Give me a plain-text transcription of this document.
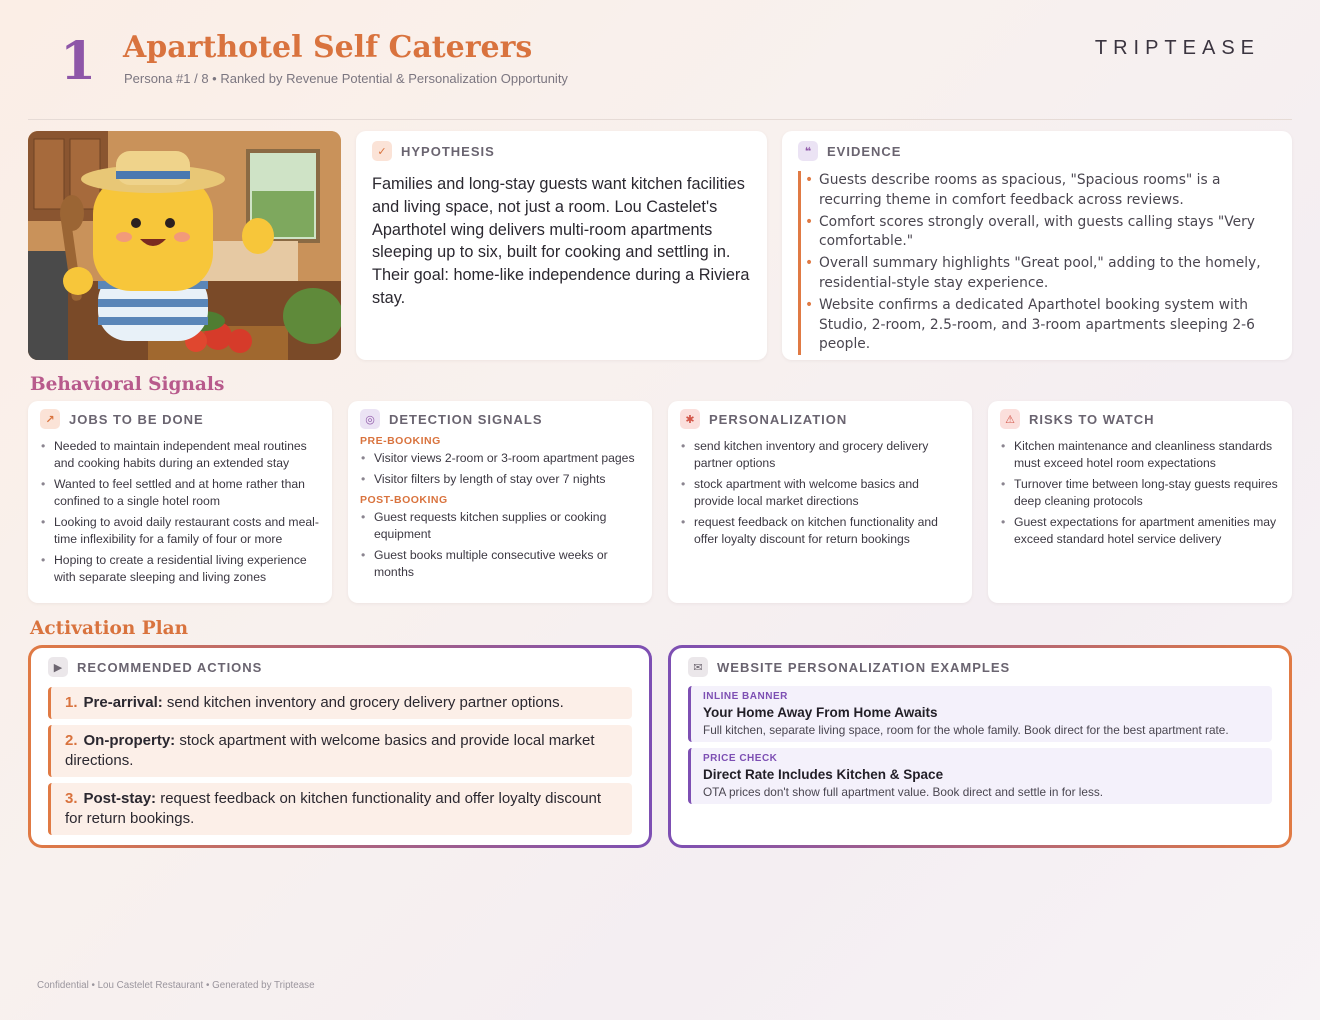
1 Aparthotel Self Caterers
Persona #1 / 8 • Ranked by Revenue Potential & Personalization Opportunity
TRIPTEASE
✓	HYPOTHESIS
Families and long-stay guests want kitchen facilities and living space, not just a room. Lou Castelet's Aparthotel wing delivers multi-room apartments sleeping up to six, built for cooking and settling in. Their goal: home-like independence during a Riviera stay.
❝	EVIDENCE
• Guests describe rooms as spacious, "Spacious rooms" is a recurring theme in comfort feedback across reviews.
• Comfort scores strongly overall, with guests calling stays "Very comfortable."
• Overall summary highlights "Great pool," adding to the homely, residential-style stay experience.
• Website confirms a dedicated Aparthotel booking system with Studio, 2-room, 2.5-room, and 3-room apartments sleeping 2-6 people.
Behavioral Signals
↗	JOBS TO BE DONE
• Needed to maintain independent meal routines and cooking habits during an extended stay
• Wanted to feel settled and at home rather than confined to a single hotel room
• Looking to avoid daily restaurant costs and meal-time inflexibility for a family of four or more
• Hoping to create a residential living experience with separate sleeping and living zones
◎	DETECTION SIGNALS
PRE-BOOKING
• Visitor views 2-room or 3-room apartment pages
• Visitor filters by length of stay over 7 nights
POST-BOOKING
• Guest requests kitchen supplies or cooking equipment
• Guest books multiple consecutive weeks or months
✱	PERSONALIZATION
• send kitchen inventory and grocery delivery partner options
• stock apartment with welcome basics and provide local market directions
• request feedback on kitchen functionality and offer loyalty discount for return bookings
⚠	RISKS TO WATCH
• Kitchen maintenance and cleanliness standards must exceed hotel room expectations
• Turnover time between long-stay guests requires deep cleaning protocols
• Guest expectations for apartment amenities may exceed standard hotel service delivery
Activation Plan
▶	RECOMMENDED ACTIONS
1. Pre-arrival: send kitchen inventory and grocery delivery partner options.
2. On-property: stock apartment with welcome basics and provide local market directions.
3. Post-stay: request feedback on kitchen functionality and offer loyalty discount for return bookings.
✉	WEBSITE PERSONALIZATION EXAMPLES
INLINE BANNER
Your Home Away From Home Awaits
Full kitchen, separate living space, room for the whole family. Book direct for the best apartment rate.
PRICE CHECK
Direct Rate Includes Kitchen & Space
OTA prices don't show full apartment value. Book direct and settle in for less.
Confidential • Lou Castelet Restaurant • Generated by Triptease
